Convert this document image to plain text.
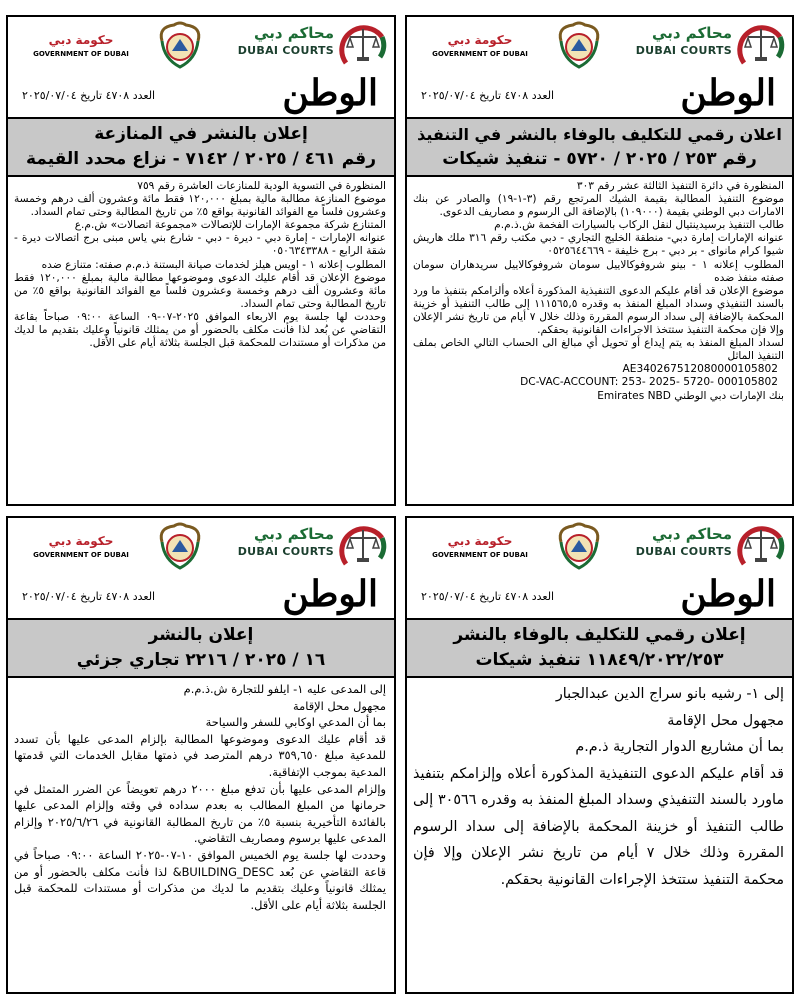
محاكم دبي
DUBAI COURTS
حكومة دبي
GOVERNMENT OF DUBAI
الوطن
العدد ٤٧٠٨ تاريخ ٢٠٢٥/٠٧/٠٤
اعلان رقمي للتكليف بالوفاء بالنشر في التنفيذ
رقم ٢٥٣ / ٢٠٢٥ / ٥٧٢٠ - تنفيذ شيكات

المنظورة في دائرة التنفيذ الثالثة عشر رقم ٣٠٣

موضوع التنفيذ المطالبة بقيمة الشيك المرتجع رقم (٣-١-١٩) والصادر عن بنك الامارات دبي الوطني بقيمة (١٠٩٠٠٠) بالإضافة الى الرسوم و مصاريف الدعوى.

طالب التنفيذ برسيدينتيال لنقل الركاب بالسيارات الفخمة ش.ذ.م.م

عنوانه الإمارات إمارة دبي- منطقة الخليج التجاري - دبي مكتب رقم ٣١٦ ملك هاريش شيوا كرام مانواى - بر دبي - برج خليفة - ٠٥٢٥٦٤٤٦٦٩

المطلوب إعلانه ١ - بينو شروفوكالاييل سومان شروفوكالاييل سريدهاران سومان صفته منفذ ضده

موضوع الإعلان قد أقام عليكم الدعوى التنفيذية المذكورة أعلاه وألزامكم بتنفيذ ما ورد بالسند التنفيذي وسداد المبلغ المنفذ به وقدره ١١١٥٦٥,٥ إلى طالب التنفيذ أو خزينة المحكمة بالإضافة إلى سداد الرسوم المقررة وذلك خلال ٧ أيام من تاريخ نشر الإعلان وإلا فإن محكمة التنفيذ ستتخذ الاجراءات القانونية بحقكم.

لسداد المبلغ المنفذ به يتم إيداع أو تحويل أي مبالغ الى الحساب التالي الخاص بملف التنفيذ الماثل

AE340267512080000105802

DC-VAC-ACCOUNT: 253- 2025- 5720- 000105802

بنك الإمارات دبي الوطني Emirates NBD

محاكم دبي
DUBAI COURTS
حكومة دبي
GOVERNMENT OF DUBAI
الوطن
العدد ٤٧٠٨ تاريخ ٢٠٢٥/٠٧/٠٤
إعلان بالنشر في المنازعة
رقم ٤٦١ / ٢٠٢٥ / ٧١٤٢ - نزاع محدد القيمة

المنظورة في التسوية الودية للمنازعات العاشرة رقم ٧٥٩

موضوع المنازعة مطالبة مالية بمبلغ ١٢٠,٠٠٠ فقط مائة وعشرون ألف درهم وخمسة وعشرون فلساً مع الفوائد القانونية بواقع ٥٪ من تاريخ المطالبة وحتى تمام السداد.

المتنازع شركة مجموعة الإمارات للإتصالات «مجموعة اتصالات» ش.م.ع

عنوانه الإمارات - إمارة دبي - ديرة - دبي - شارع بني ياس مبنى برج اتصالات ديرة - شقة الرابع - ٠٥٠٦٣٤٣٣٨٨

المطلوب إعلانه ١ - اويس هيلز لخدمات صيانة البستنة ذ.م.م صفته: متنازع ضده

موضوع الإعلان قد أقام عليك الدعوى وموضوعها مطالبة مالية بمبلغ ١٢٠,٠٠٠ فقط مائة وعشرون ألف درهم وخمسة وعشرون فلساً مع الفوائد القانونية بواقع ٥٪ من تاريخ المطالبة وحتى تمام السداد.

وحددت لها جلسة يوم الاربعاء الموافق ٢٠٢٥-٠٧-٠٩ الساعة ٠٩:٠٠ صباحاً بقاعة التقاضي عن بُعد لذا فأنت مكلف بالحضور أو من يمثلك قانونياً وعليك بتقديم ما لديك من مذكرات أو مستندات للمحكمة قبل الجلسة بثلاثة أيام على الأقل.

محاكم دبي
DUBAI COURTS
حكومة دبي
GOVERNMENT OF DUBAI
الوطن
العدد ٤٧٠٨ تاريخ ٢٠٢٥/٠٧/٠٤
إعلان رقمي للتكليف بالوفاء بالنشر
١١٨٤٩/٢٠٢٢/٢٥٣ تنفيذ شيكات

إلى ١- رشيه بانو سراج الدين عبدالجبار

مجهول محل الإقامة

بما أن مشاريع الدوار التجارية ذ.م.م

قد أقام عليكم الدعوى التنفيذية المذكورة أعلاه وإلزامكم بتنفيذ ماورد بالسند التنفيذي وسداد المبلغ المنفذ به وقدره ٣٠٥٦٦ إلى طالب التنفيذ أو خزينة المحكمة بالإضافة إلى سداد الرسوم المقررة وذلك خلال ٧ أيام من تاريخ نشر الإعلان وإلا فإن محكمة التنفيذ ستتخذ الإجراءات القانونية بحقكم.

محاكم دبي
DUBAI COURTS
حكومة دبي
GOVERNMENT OF DUBAI
الوطن
العدد ٤٧٠٨ تاريخ ٢٠٢٥/٠٧/٠٤
إعلان بالنشر
١٦ / ٢٠٢٥ / ٢٢١٦ تجاري جزئي

إلى المدعى عليه ١- ايلفو للتجارة ش.ذ.م.م

مجهول محل الإقامة

بما أن المدعي اوكابي للسفر والسياحة

قد أقام عليك الدعوى وموضوعها المطالبة بإلزام المدعى عليها بأن تسدد للمدعية مبلغ ٣٥٩,٦٥٠ درهم المترصد في ذمتها مقابل الخدمات التي قدمتها المدعية بموجب الإتفاقية.

وإلزام المدعى عليها بأن تدفع مبلغ ٢٠٠٠ درهم تعويضاً عن الضرر المتمثل في حرمانها من المبلغ المطالب به بعدم سداده في وقته وإلزام المدعى عليها بالفائدة التأخيرية بنسبة ٥٪ من تاريخ المطالبة القانونية في ٢٠٢٥/٦/٢٦ وإلزام المدعى عليها برسوم ومصاريف التقاضي.

وحددت لها جلسة يوم الخميس الموافق ١٠-٠٧-٢٠٢٥ الساعة ٠٩:٠٠ صباحاً في قاعة التقاضي عن بُعد BUILDING_DESC& لذا فأنت مكلف بالحضور أو من يمثلك قانونياً وعليك بتقديم ما لديك من مذكرات أو مستندات للمحكمة قبل الجلسة بثلاثة أيام على الأقل.
